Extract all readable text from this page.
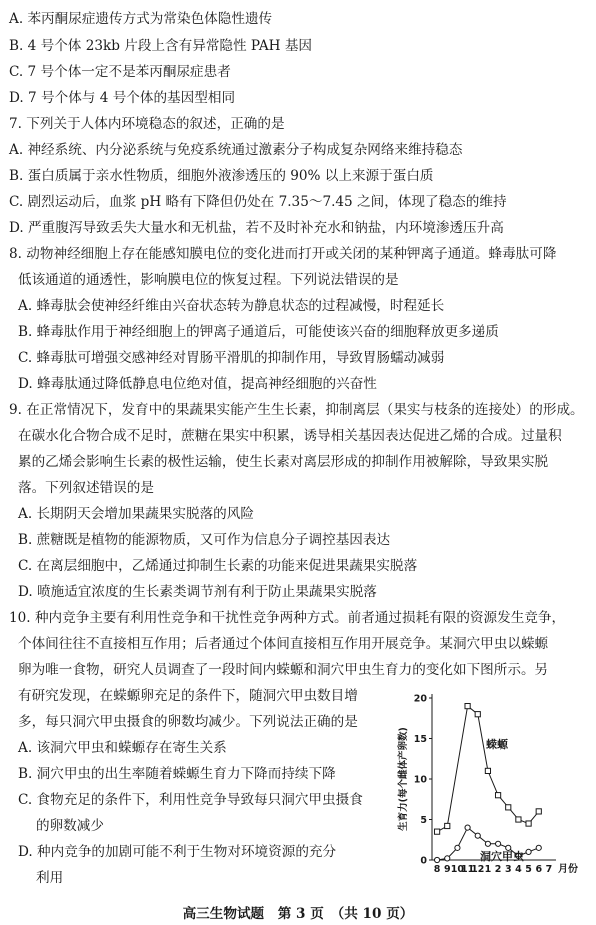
A. 苯丙酮尿症遗传方式为常染色体隐性遗传
B. 4 号个体 23kb 片段上含有异常隐性 PAH 基因
C. 7 号个体一定不是苯丙酮尿症患者
D. 7 号个体与 4 号个体的基因型相同
7. 下列关于人体内环境稳态的叙述，正确的是
A. 神经系统、内分泌系统与免疫系统通过激素分子构成复杂网络来维持稳态
B. 蛋白质属于亲水性物质，细胞外液渗透压的 90% 以上来源于蛋白质
C. 剧烈运动后，血浆 pH 略有下降但仍处在 7.35～7.45 之间，体现了稳态的维持
D. 严重腹泻导致丢失大量水和无机盐，若不及时补充水和钠盐，内环境渗透压升高
8. 动物神经细胞上存在能感知膜电位的变化进而打开或关闭的某种钾离子通道。蜂毒肽可降
低该通道的通透性，影响膜电位的恢复过程。下列说法错误的是
A. 蜂毒肽会使神经纤维由兴奋状态转为静息状态的过程减慢，时程延长
B. 蜂毒肽作用于神经细胞上的钾离子通道后，可能使该兴奋的细胞释放更多递质
C. 蜂毒肽可增强交感神经对胃肠平滑肌的抑制作用，导致胃肠蠕动减弱
D. 蜂毒肽通过降低静息电位绝对值，提高神经细胞的兴奋性
9. 在正常情况下，发育中的果蔬果实能产生生长素，抑制离层（果实与枝条的连接处）的形成。
在碳水化合物合成不足时，蔗糖在果实中积累，诱导相关基因表达促进乙烯的合成。过量积
累的乙烯会影响生长素的极性运输，使生长素对离层形成的抑制作用被解除，导致果实脱
落。下列叙述错误的是
A. 长期阴天会增加果蔬果实脱落的风险
B. 蔗糖既是植物的能源物质，又可作为信息分子调控基因表达
C. 在离层细胞中，乙烯通过抑制生长素的功能来促进果蔬果实脱落
D. 喷施适宜浓度的生长素类调节剂有利于防止果蔬果实脱落
10. 种内竞争主要有利用性竞争和干扰性竞争两种方式。前者通过损耗有限的资源发生竞争，
个体间往往不直接相互作用；后者通过个体间直接相互作用开展竞争。某洞穴甲虫以蝾螈
卵为唯一食物，研究人员调查了一段时间内蝾螈和洞穴甲虫生育力的变化如下图所示。另
有研究发现，在蝾螈卵充足的条件下，随洞穴甲虫数目增
多，每只洞穴甲虫摄食的卵数均减少。下列说法正确的是
A. 该洞穴甲虫和蝾螈存在寄生关系
B. 洞穴甲虫的出生率随着蝾螈生育力下降而持续下降
C. 食物充足的条件下，利用性竞争导致每只洞穴甲虫摄食
的卵数减少
D. 种内竞争的加剧可能不利于生物对环境资源的充分
利用
0
5
10
15
20
8 9 10
11
12 1 2 3 4 5 6 7 月份
生育力(每个雌体产卵数)	蝾螈
洞穴甲虫
高三生物试题　第 3 页　（共 10 页）
